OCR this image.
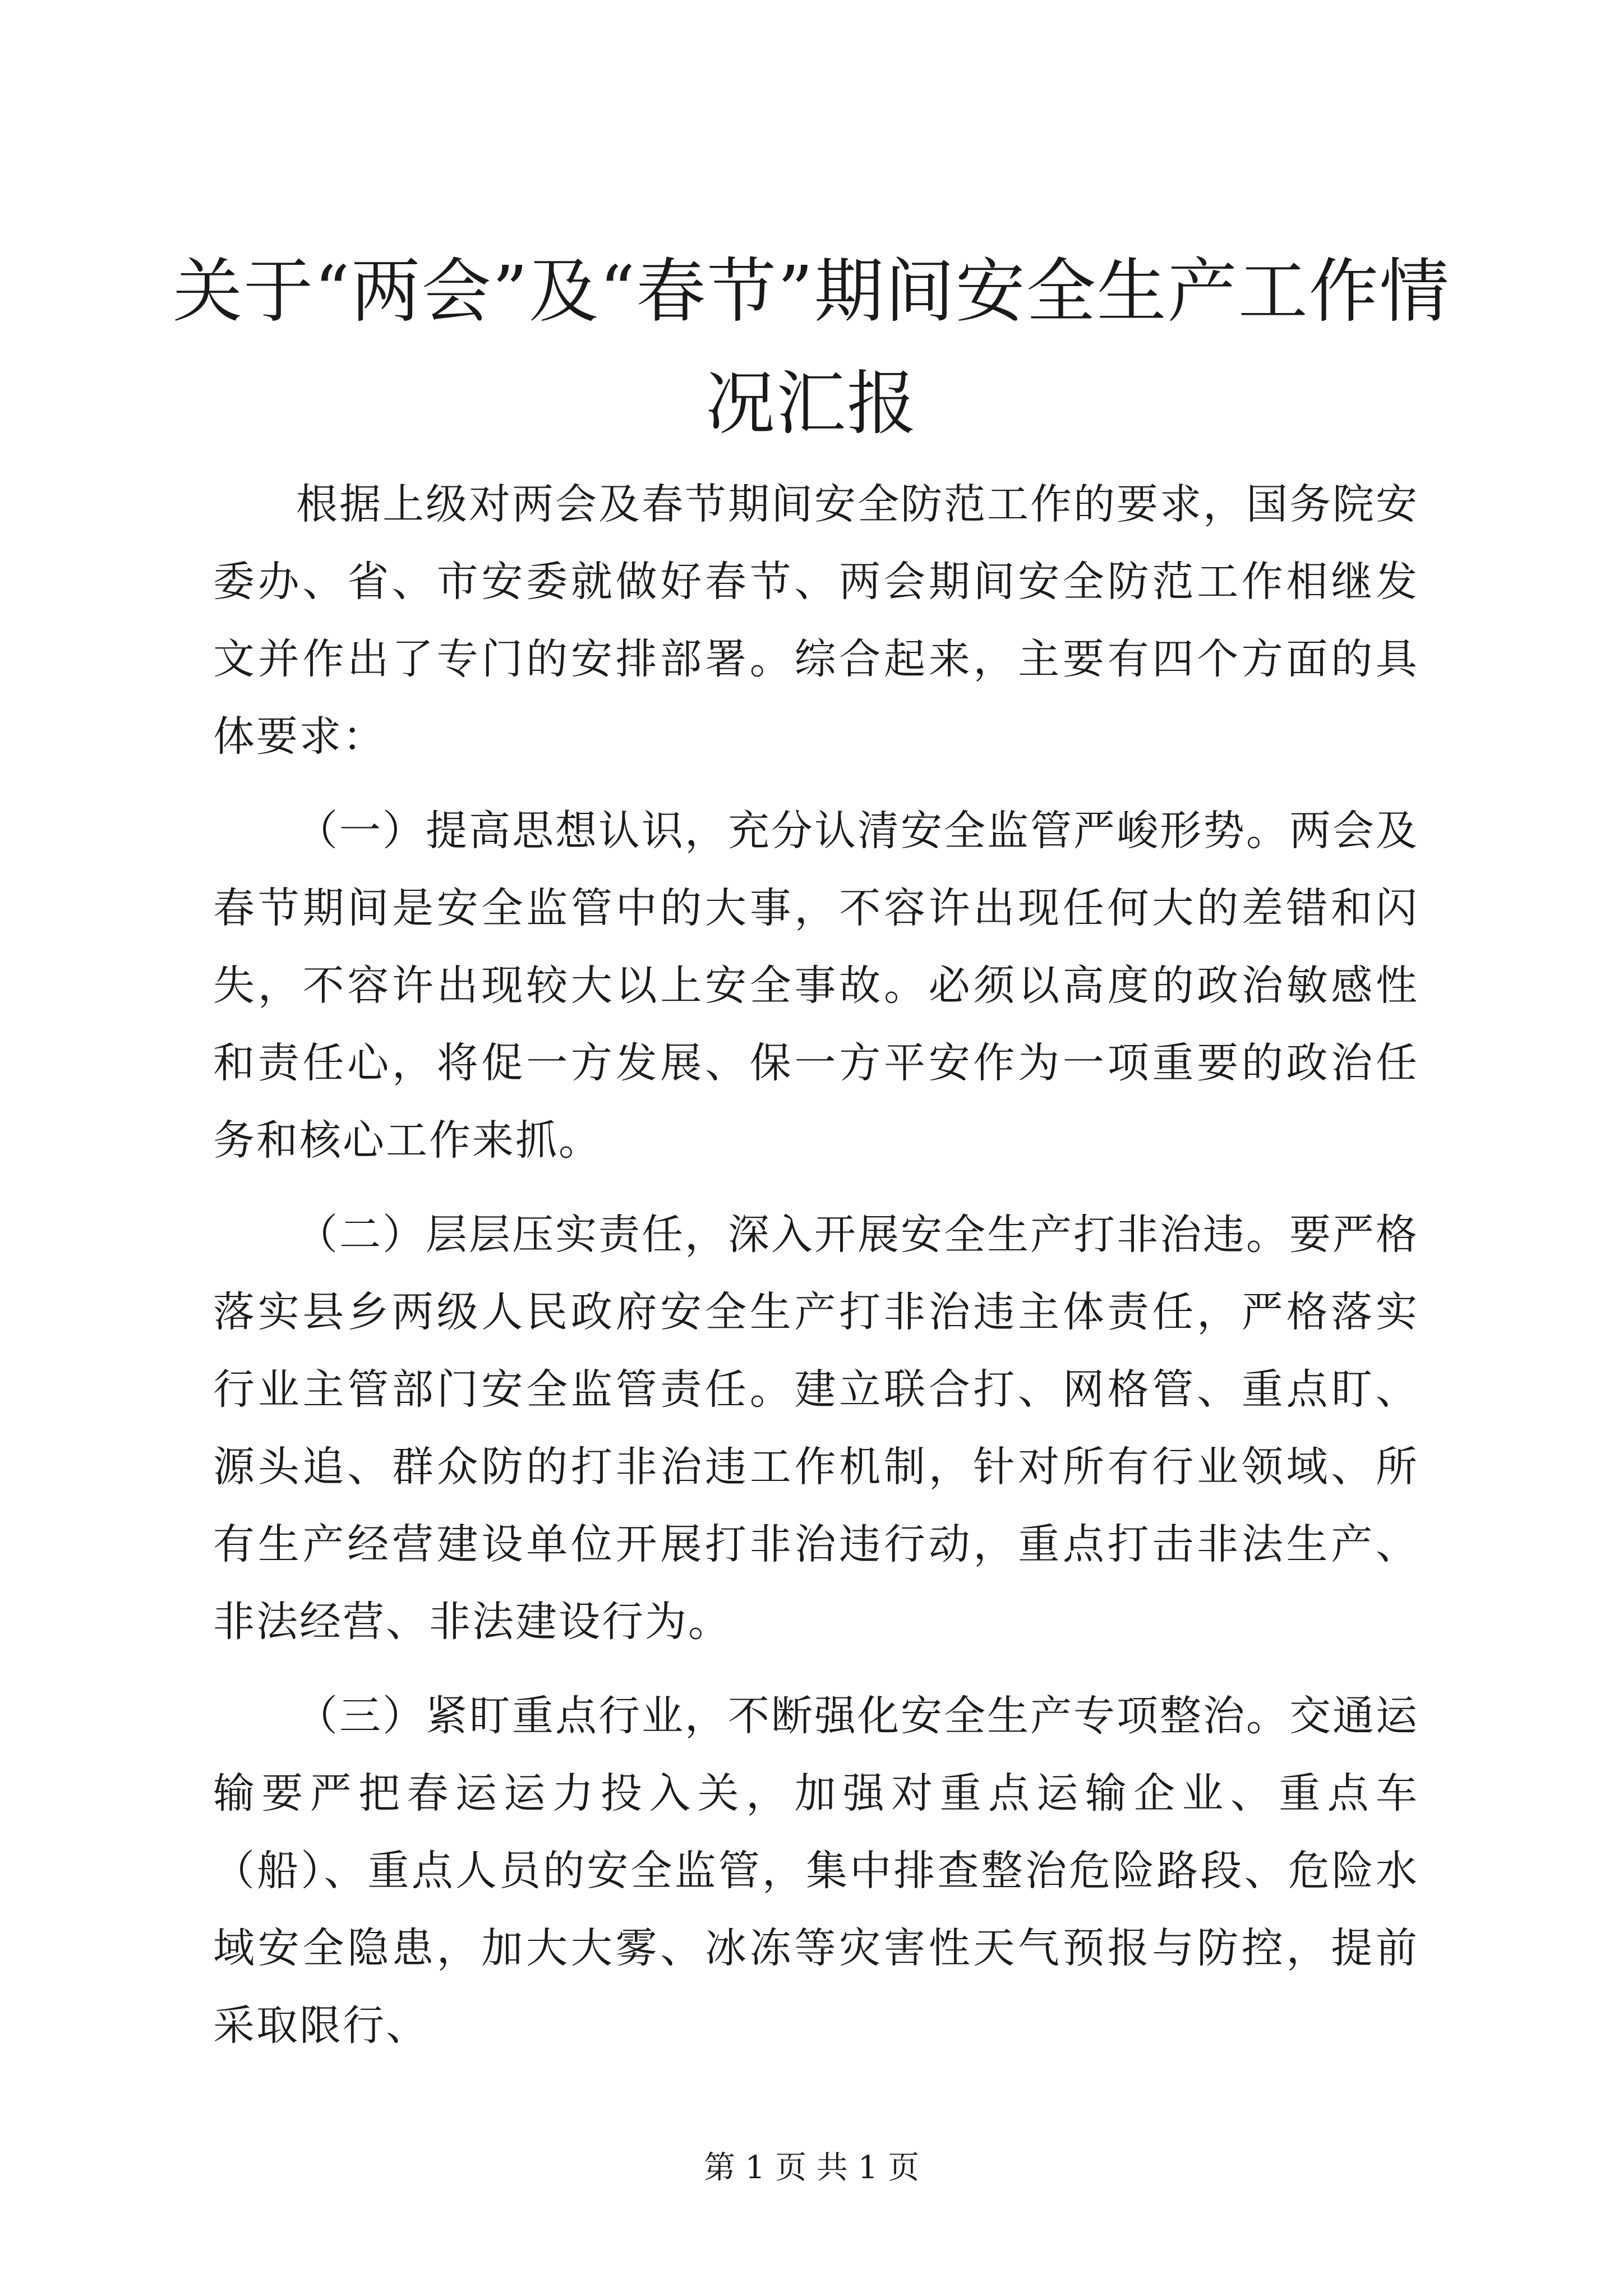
关于“两会”及“春节”期间安全生产工作情况汇报

根据上级对两会及春节期间安全防范工作的要求，国务院安委办、省、市安委就做好春节、两会期间安全防范工作相继发文并作出了专门的安排部署。综合起来，主要有四个方面的具体要求：

（一）提高思想认识，充分认清安全监管严峻形势。两会及春节期间是安全监管中的大事，不容许出现任何大的差错和闪失，不容许出现较大以上安全事故。必须以高度的政治敏感性和责任心，将促一方发展、保一方平安作为一项重要的政治任务和核心工作来抓。

（二）层层压实责任，深入开展安全生产打非治违。要严格落实县乡两级人民政府安全生产打非治违主体责任，严格落实行业主管部门安全监管责任。建立联合打、网格管、重点盯、源头追、群众防的打非治违工作机制，针对所有行业领域、所有生产经营建设单位开展打非治违行动，重点打击非法生产、非法经营、非法建设行为。

（三）紧盯重点行业，不断强化安全生产专项整治。交通运输要严把春运运力投入关，加强对重点运输企业、重点车（船）、重点人员的安全监管，集中排查整治危险路段、危险水域安全隐患，加大大雾、冰冻等灾害性天气预报与防控，提前采取限行、

第 1 页 共 1 页
